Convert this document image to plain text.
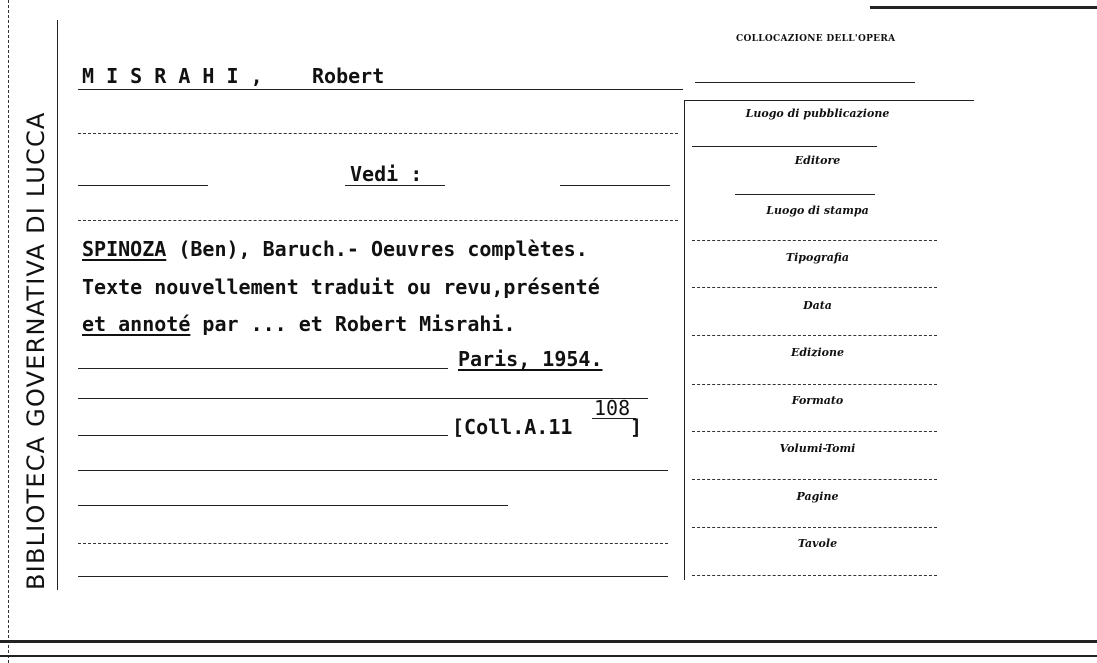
BIBLIOTECA GOVERNATIVA DI LUCCA
COLLOCAZIONE DELL'OPERA
M I S R A H I , Robert
Vedi :
SPINOZA (Ben), Baruch.- Oeuvres complètes.
Texte nouvellement traduit ou revu,présenté
et annoté par ... et Robert Misrahi.
Paris, 1954.
[Coll.A.11
108
]
Luogo di pubblicazione
Editore
Luogo di stampa
Tipografia
Data
Edizione
Formato
Volumi-Tomi
Pagine
Tavole
